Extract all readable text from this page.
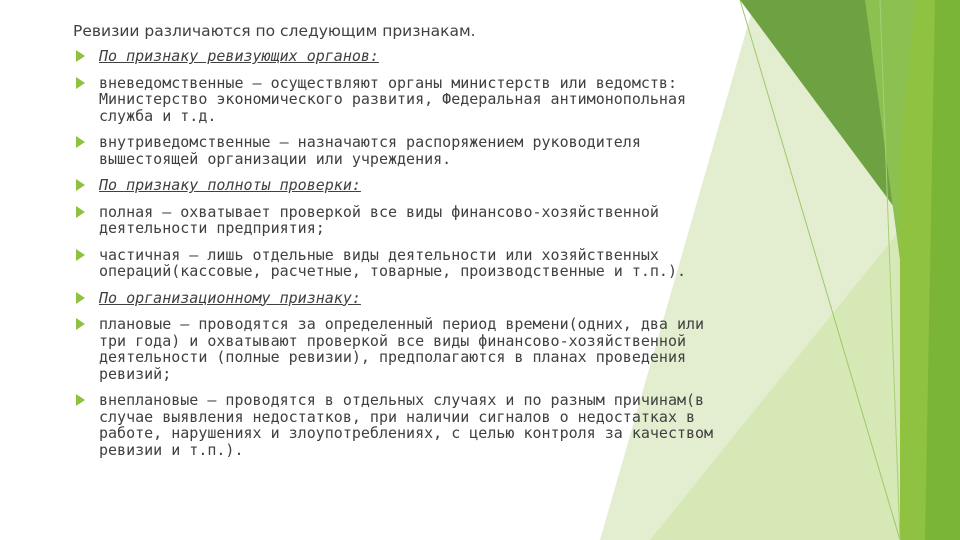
Ревизии различаются по следующим признакам.
По признаку ревизующих органов:
вневедомственные – осуществляют органы министерств или ведомств: Министерство экономического развития, Федеральная антимонопольная служба и т.д.
внутриведомственные – назначаются распоряжением руководителя вышестоящей организации или учреждения.
По признаку полноты проверки:
полная – охватывает проверкой все виды финансово-хозяйственной деятельности предприятия;
частичная — лишь отдельные виды деятельности или хозяйственных операций(кассовые, расчетные, товарные, производственные и т.п.).
По организационному признаку:
плановые – проводятся за определенный период времени(одних, два или три года) и охватывают проверкой все виды финансово-хозяйственной деятельности (полные ревизии), предполагаются в планах проведения ревизий;
внеплановые – проводятся в отдельных случаях и по разным причинам(в случае выявления недостатков, при наличии сигналов о недостатках в работе, нарушениях и злоупотреблениях, с целью контроля за качеством ревизии и т.п.).
